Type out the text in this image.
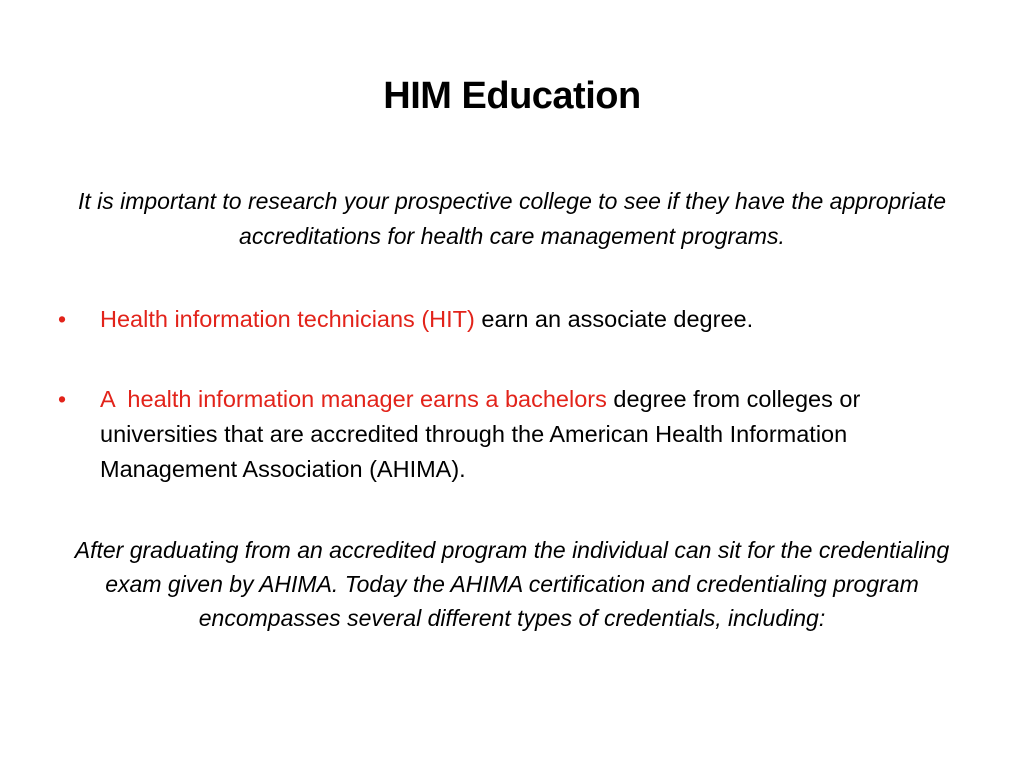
HIM Education
It is important to research your prospective college to see if they have the appropriate accreditations for health care management programs.
•	Health information technicians (HIT) earn an associate degree.
•	A  health information manager earns a bachelors degree from colleges or universities that are accredited through the American Health Information Management Association (AHIMA).
After graduating from an accredited program the individual can sit for the credentialing exam given by AHIMA. Today the AHIMA certification and credentialing program encompasses several different types of credentials, including:
